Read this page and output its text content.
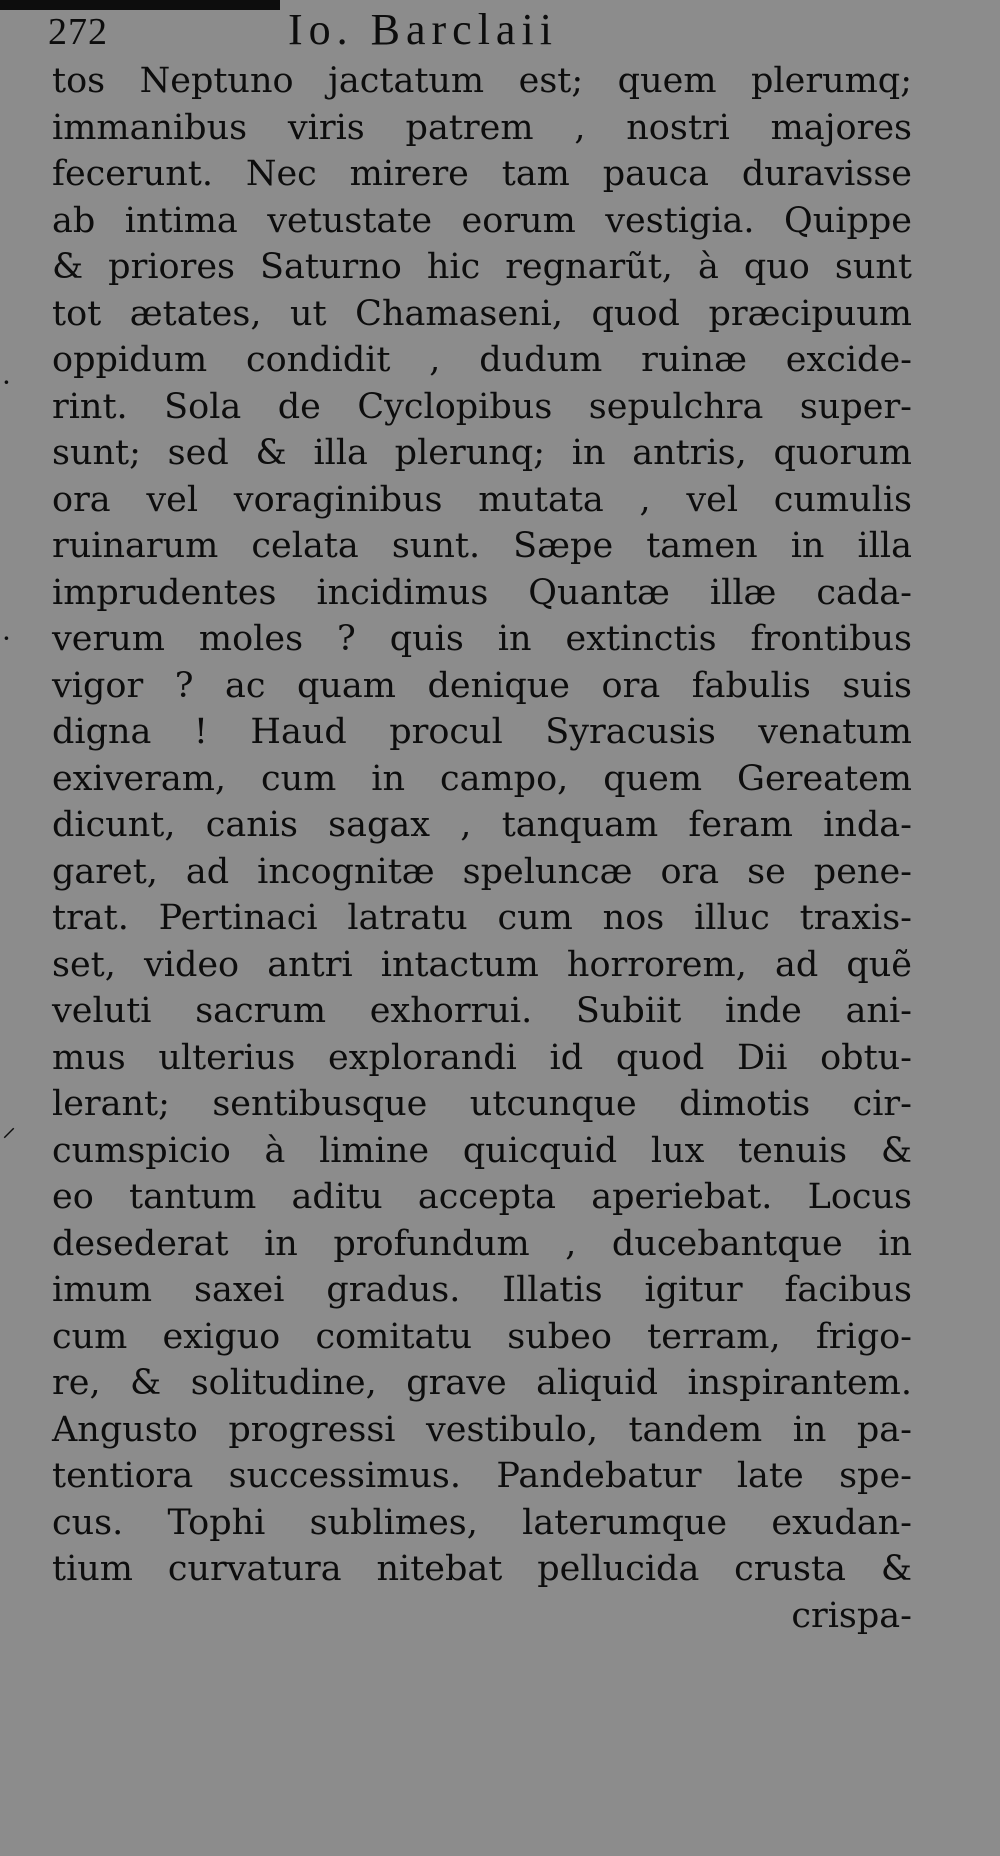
272	Io. Barclaii
·
·
⸝
tos Neptuno jactatum est; quem plerumq;
immanibus viris patrem , nostri majores
fecerunt. Nec mirere tam pauca duravisse
ab intima vetustate eorum vestigia. Quippe
& priores Saturno hic regnarũt, à quo sunt
tot ætates, ut Chamaseni, quod præcipuum
oppidum condidit , dudum ruinæ excide-
rint. Sola de Cyclopibus sepulchra super-
sunt; sed & illa plerunq; in antris, quorum
ora vel voraginibus mutata , vel cumulis
ruinarum celata sunt. Sæpe tamen in illa
imprudentes incidimus Quantæ illæ cada-
verum moles ? quis in extinctis frontibus
vigor ? ac quam denique ora fabulis suis
digna ! Haud procul Syracusis venatum
exiveram, cum in campo, quem Gereatem
dicunt, canis sagax , tanquam feram inda-
garet, ad incognitæ speluncæ ora se pene-
trat. Pertinaci latratu cum nos illuc traxis-
set, video antri intactum horrorem, ad quẽ
veluti sacrum exhorrui. Subiit inde ani-
mus ulterius explorandi id quod Dii obtu-
lerant; sentibusque utcunque dimotis cir-
cumspicio à limine quicquid lux tenuis &
eo tantum aditu accepta aperiebat. Locus
desederat in profundum , ducebantque in
imum saxei gradus. Illatis igitur facibus
cum exiguo comitatu subeo terram, frigo-
re, & solitudine, grave aliquid inspirantem.
Angusto progressi vestibulo, tandem in pa-
tentiora successimus. Pandebatur late spe-
cus. Tophi sublimes, laterumque exudan-
tium curvatura nitebat pellucida crusta &
crispa-
